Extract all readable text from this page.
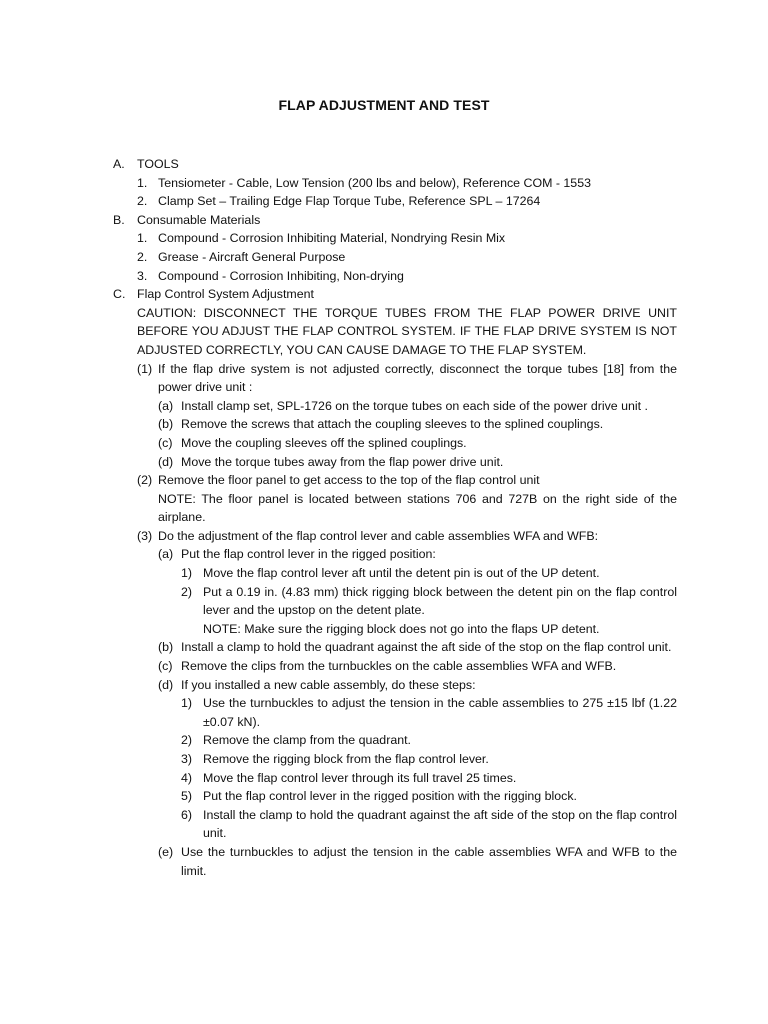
FLAP ADJUSTMENT AND TEST
A. TOOLS
1. Tensiometer - Cable, Low Tension (200 lbs and below), Reference COM - 1553
2. Clamp Set – Trailing Edge Flap Torque Tube, Reference SPL – 17264
B. Consumable Materials
1. Compound - Corrosion Inhibiting Material, Nondrying Resin Mix
2. Grease - Aircraft General Purpose
3. Compound - Corrosion Inhibiting, Non-drying
C. Flap Control System Adjustment
CAUTION: DISCONNECT THE TORQUE TUBES FROM THE FLAP POWER DRIVE UNIT BEFORE YOU ADJUST THE FLAP CONTROL SYSTEM. IF THE FLAP DRIVE SYSTEM IS NOT ADJUSTED CORRECTLY, YOU CAN CAUSE DAMAGE TO THE FLAP SYSTEM.
(1) If the flap drive system is not adjusted correctly, disconnect the torque tubes [18] from the power drive unit :
(a) Install clamp set, SPL-1726 on the torque tubes on each side of the power drive unit .
(b) Remove the screws that attach the coupling sleeves to the splined couplings.
(c) Move the coupling sleeves off the splined couplings.
(d) Move the torque tubes away from the flap power drive unit.
(2) Remove the floor panel to get access to the top of the flap control unit
NOTE: The floor panel is located between stations 706 and 727B on the right side of the airplane.
(3) Do the adjustment of the flap control lever and cable assemblies WFA and WFB:
(a) Put the flap control lever in the rigged position:
1) Move the flap control lever aft until the detent pin is out of the UP detent.
2) Put a 0.19 in. (4.83 mm) thick rigging block between the detent pin on the flap control lever and the upstop on the detent plate.
NOTE: Make sure the rigging block does not go into the flaps UP detent.
(b) Install a clamp to hold the quadrant against the aft side of the stop on the flap control unit.
(c) Remove the clips from the turnbuckles on the cable assemblies WFA and WFB.
(d) If you installed a new cable assembly, do these steps:
1) Use the turnbuckles to adjust the tension in the cable assemblies to 275 ±15 lbf (1.22 ±0.07 kN).
2) Remove the clamp from the quadrant.
3) Remove the rigging block from the flap control lever.
4) Move the flap control lever through its full travel 25 times.
5) Put the flap control lever in the rigged position with the rigging block.
6) Install the clamp to hold the quadrant against the aft side of the stop on the flap control unit.
(e) Use the turnbuckles to adjust the tension in the cable assemblies WFA and WFB to the limit.
